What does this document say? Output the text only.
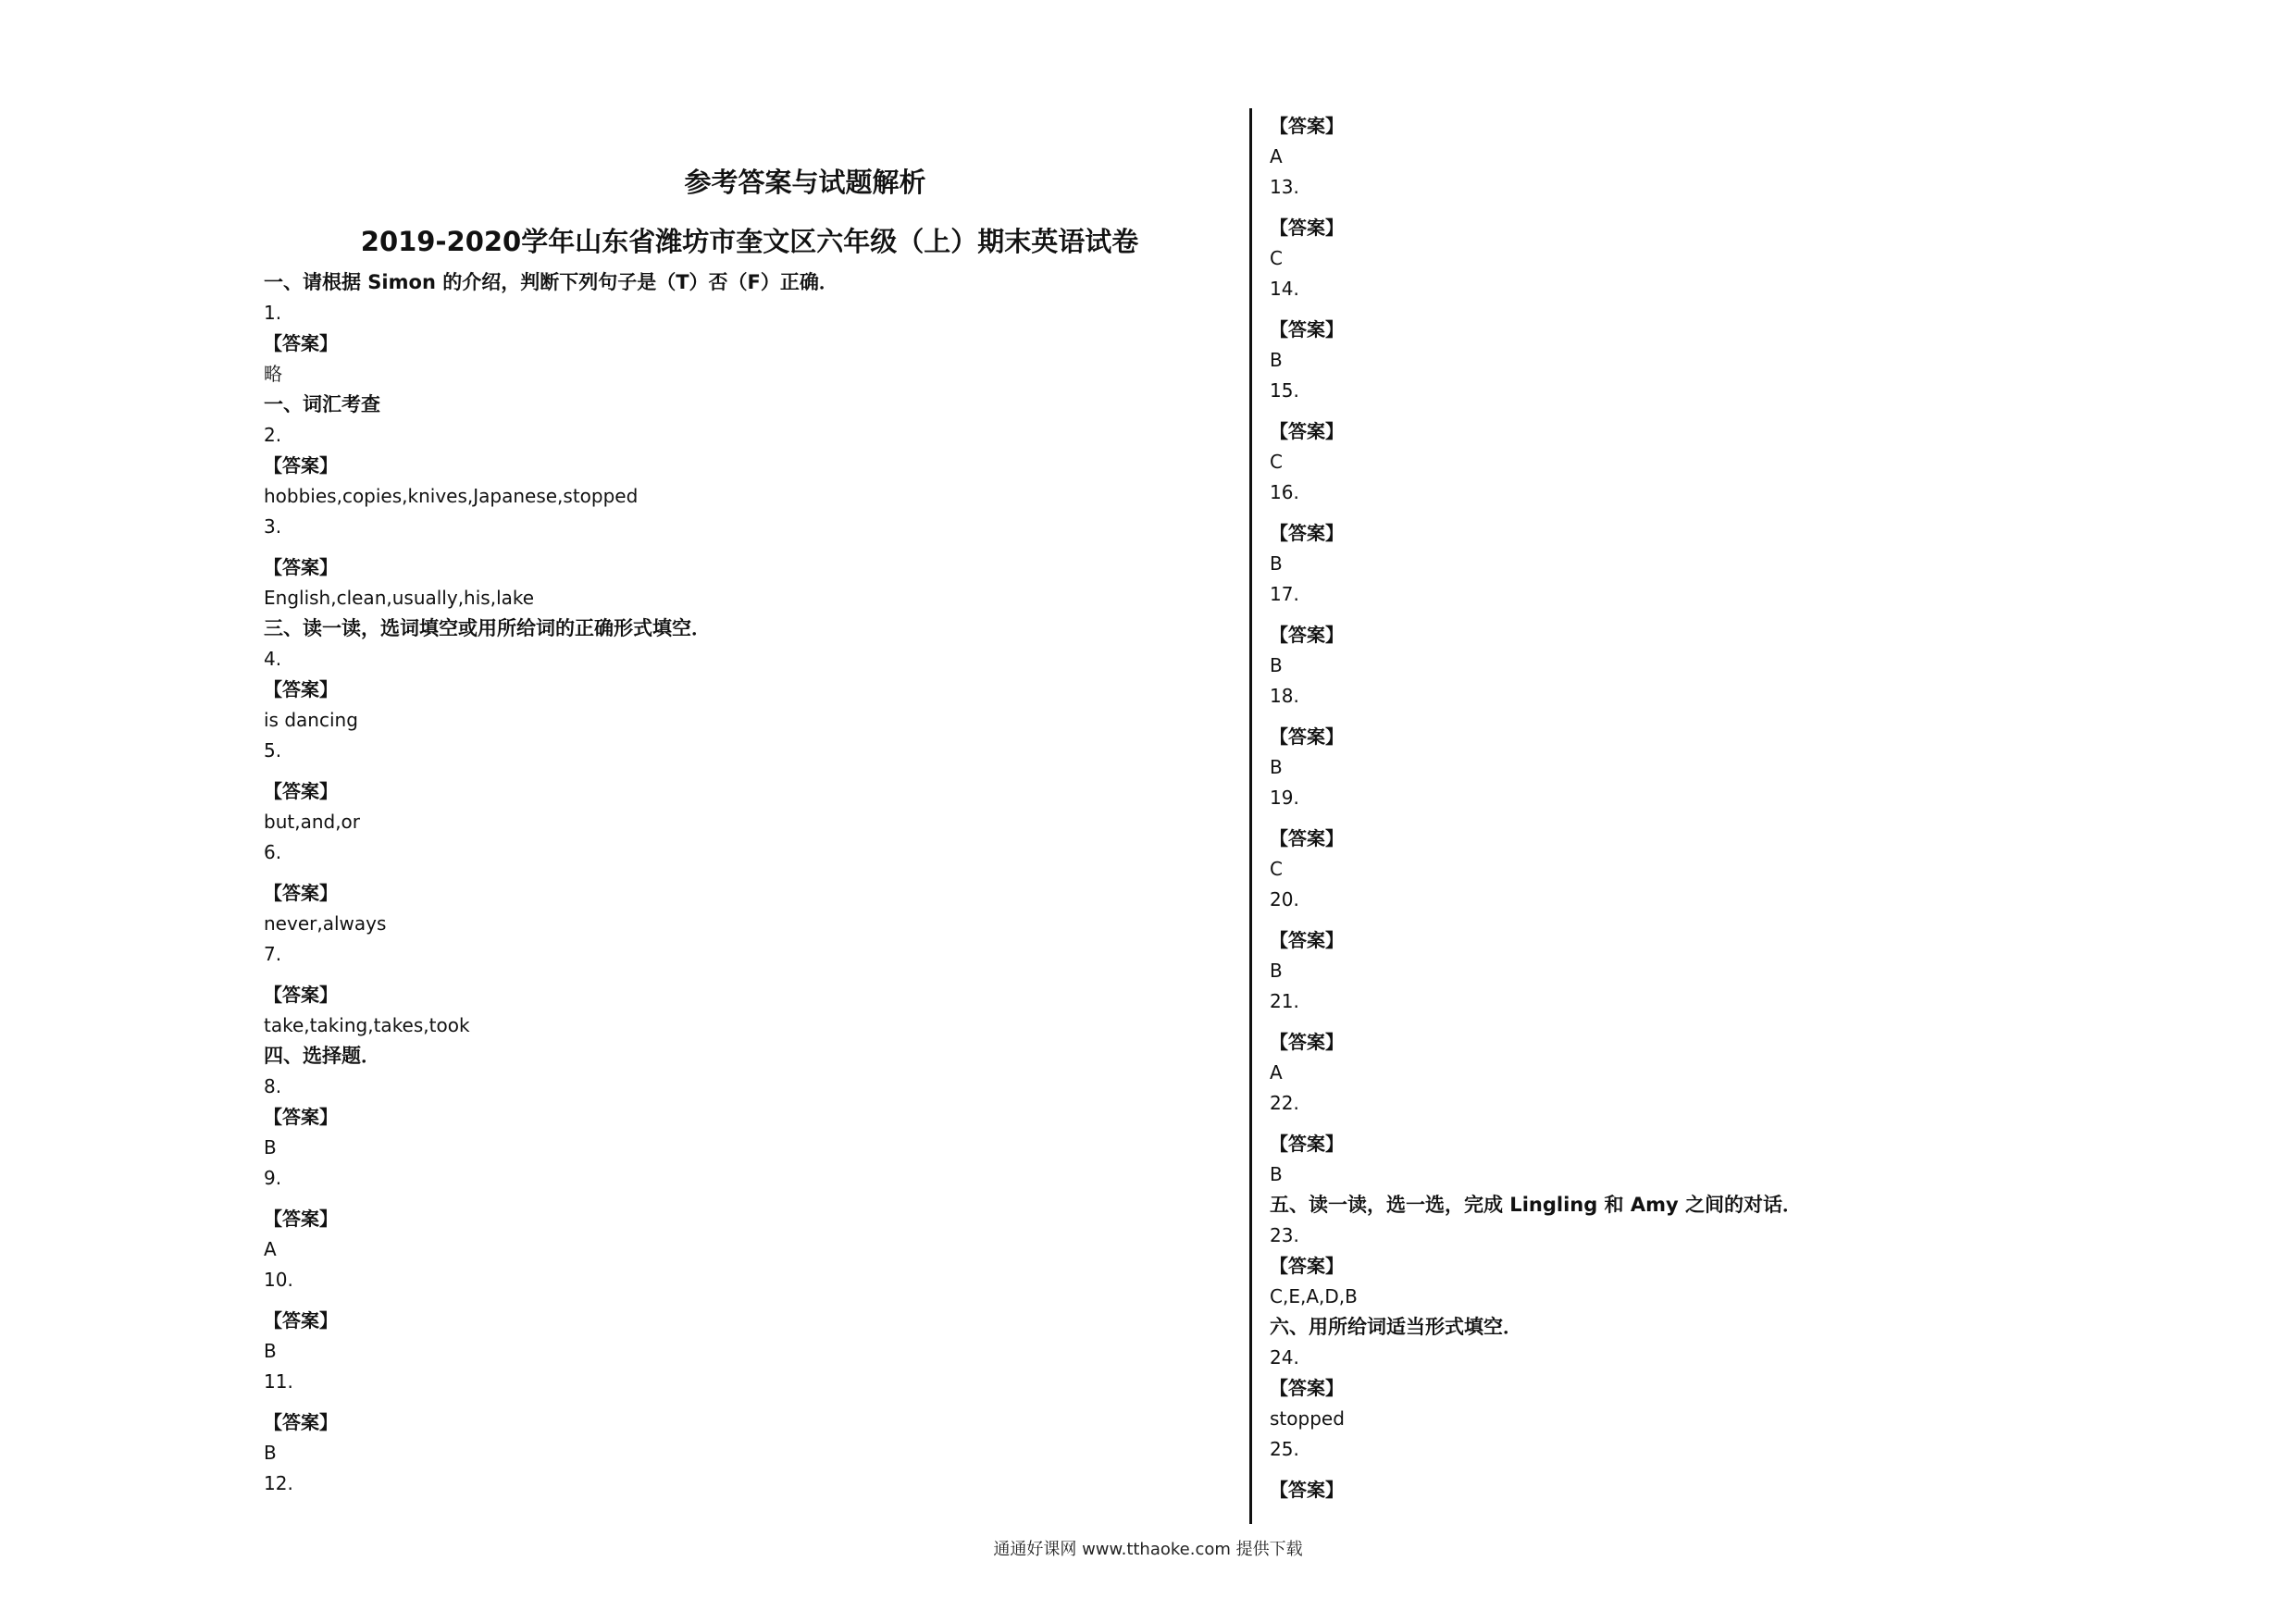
参考答案与试题解析
2019-2020学年山东省潍坊市奎文区六年级（上）期末英语试卷
一、请根据 Simon 的介绍，判断下列句子是（T）否（F）正确．
1.
【答案】
略
一、词汇考查
2.
【答案】
hobbies,copies,knives,Japanese,stopped
3.
【答案】
English,clean,usually,his,lake
三、读一读，选词填空或用所给词的正确形式填空．
4.
【答案】
is dancing
5.
【答案】
but,and,or
6.
【答案】
never,always
7.
【答案】
take,taking,takes,took
四、选择题．
8.
【答案】
B
9.
【答案】
A
10.
【答案】
B
11.
【答案】
B
12.
【答案】
A
13.
【答案】
C
14.
【答案】
B
15.
【答案】
C
16.
【答案】
B
17.
【答案】
B
18.
【答案】
B
19.
【答案】
C
20.
【答案】
B
21.
【答案】
A
22.
【答案】
B
五、读一读，选一选，完成 Lingling 和 Amy 之间的对话．
23.
【答案】
C,E,A,D,B
六、用所给词适当形式填空．
24.
【答案】
stopped
25.
【答案】
通通好课网 www.tthaoke.com 提供下载
